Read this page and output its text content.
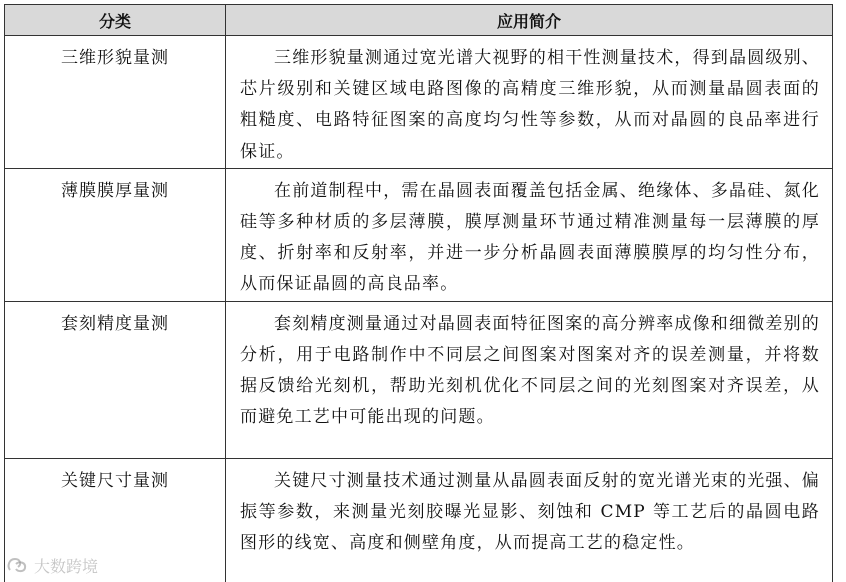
分类	应用简介
三维形貌量测	三维形貌量测通过宽光谱大视野的相干性测量技术，得到晶圆级别、芯片级别和关键区域电路图像的高精度三维形貌，从而测量晶圆表面的粗糙度、电路特征图案的高度均匀性等参数，从而对晶圆的良品率进行保证。
薄膜膜厚量测	在前道制程中，需在晶圆表面覆盖包括金属、绝缘体、多晶硅、氮化硅等多种材质的多层薄膜，膜厚测量环节通过精准测量每一层薄膜的厚度、折射率和反射率，并进一步分析晶圆表面薄膜膜厚的均匀性分布，从而保证晶圆的高良品率。
套刻精度量测	套刻精度测量通过对晶圆表面特征图案的高分辨率成像和细微差别的分析，用于电路制作中不同层之间图案对图案对齐的误差测量，并将数据反馈给光刻机，帮助光刻机优化不同层之间的光刻图案对齐误差，从而避免工艺中可能出现的问题。
关键尺寸量测	关键尺寸测量技术通过测量从晶圆表面反射的宽光谱光束的光强、偏振等参数，来测量光刻胶曝光显影、刻蚀和 CMP 等工艺后的晶圆电路图形的线宽、高度和侧壁角度，从而提高工艺的稳定性。
大数跨境
